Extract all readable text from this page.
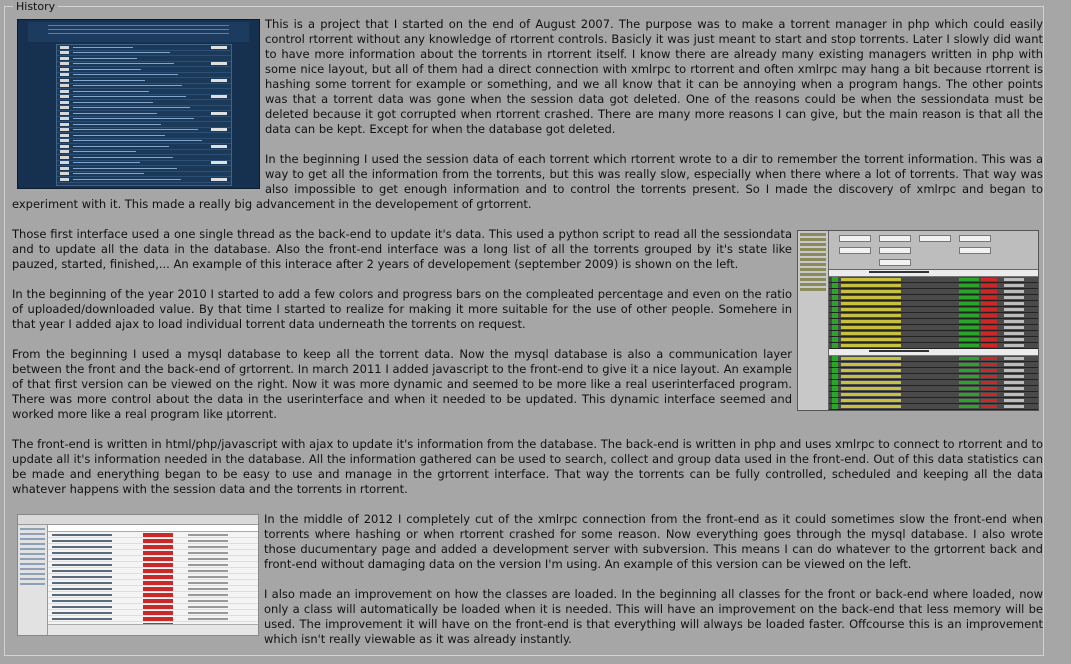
History

This is a project that I started on the end of August 2007. The purpose was to make a torrent manager in php which could easily control rtorrent without any knowledge of rtorrent controls. Basicly it was just meant to start and stop torrents. Later I slowly did want to have more information about the torrents in rtorrent itself. I know there are already many existing managers written in php with some nice layout, but all of them had a direct connection with xmlrpc to rtorrent and often xmlrpc may hang a bit because rtorrent is hashing some torrent for example or something, and we all know that it can be annoying when a program hangs. The other points was that a torrent data was gone when the session data got deleted. One of the reasons could be when the sessiondata must be deleted because it got corrupted when rtorrent crashed. There are many more reasons I can give, but the main reason is that all the data can be kept. Except for when the database got deleted.

In the beginning I used the session data of each torrent which rtorrent wrote to a dir to remember the torrent information. This was a way to get all the information from the torrents, but this was really slow, especially when there where a lot of torrents. That way was also impossible to get enough information and to control the torrents present. So I made the discovery of xmlrpc and began to experiment with it. This made a really big advancement in the developement of grtorrent.

Those first interface used a one single thread as the back-end to update it's data. This used a python script to read all the sessiondata and to update all the data in the database. Also the front-end interface was a long list of all the torrents grouped by it's state like pauzed, started, finished,... An example of this interace after 2 years of developement (september 2009) is shown on the left.

In the beginning of the year 2010 I started to add a few colors and progress bars on the compleated percentage and even on the ratio of uploaded/downloaded value. By that time I started to realize for making it more suitable for the use of other people. Somehere in that year I added ajax to load individual torrent data underneath the torrents on request.

From the beginning I used a mysql database to keep all the torrent data. Now the mysql database is also a communication layer between the front and the back-end of grtorrent. In march 2011 I added javascript to the front-end to give it a nice layout. An example of that first version can be viewed on the right. Now it was more dynamic and seemed to be more like a real userinterfaced program. There was more control about the data in the userinterface and when it needed to be updated. This dynamic interface seemed and worked more like a real program like µtorrent.

The front-end is written in html/php/javascript with ajax to update it's information from the database. The back-end is written in php and uses xmlrpc to connect to rtorrent and to update all it's information needed in the database. All the information gathered can be used to search, collect and group data used in the front-end. Out of this data statistics can be made and enerything began to be easy to use and manage in the grtorrent interface. That way the torrents can be fully controlled, scheduled and keeping all the data whatever happens with the session data and the torrents in rtorrent.

In the middle of 2012 I completely cut of the xmlrpc connection from the front-end as it could sometimes slow the front-end when torrents where hashing or when rtorrent crashed for some reason. Now everything goes through the mysql database. I also wrote those ducumentary page and added a development server with subversion. This means I can do whatever to the grtorrent back and front-end without damaging data on the version I'm using. An example of this version can be viewed on the left.

I also made an improvement on how the classes are loaded. In the beginning all classes for the front or back-end where loaded, now only a class will automatically be loaded when it is needed. This will have an improvement on the back-end that less memory will be used. The improvement it will have on the front-end is that everything will always be loaded faster. Offcourse this is an improvement which isn't really viewable as it was already instantly.
